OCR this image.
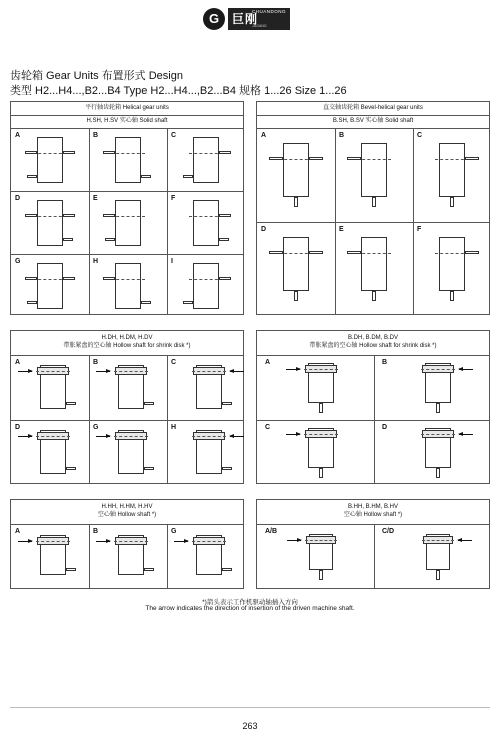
G	巨刚
CHUANDONG
JUGANG
齿轮箱 Gear Units 布置形式 Design
类型 H2...H4...,B2...B4 Type H2...H4...,B2...B4 规格 1...26 Size 1...26
平行轴齿轮箱 Helical gear units
H.SH, H.SV 实心轴 Solid shaft
A	B	C
D	E	F
G	H	I
直交轴齿轮箱 Bevel-helical gear units
B.SH, B.SV 实心轴 Solid shaft
A	B	C
D	E	F
H.DH, H.DM, H.DV
带胀紧盘的空心轴 Hollow shaft for shrink disk *)
A	B	C
D	G	H
B.DH, B.DM, B.DV
带胀紧盘的空心轴 Hollow shaft for shrink disk *)
A	B
C	D
H.HH, H.HM, H.HV
空心轴 Hollow shaft *)
A	B	G
B.HH, B.HM, B.HV
空心轴 Hollow shaft *)
A/B	C/D
*)箭头表示工作机驱动轴插入方向
The arrow indicates the direction of insertion of the driven machine shaft.
263
